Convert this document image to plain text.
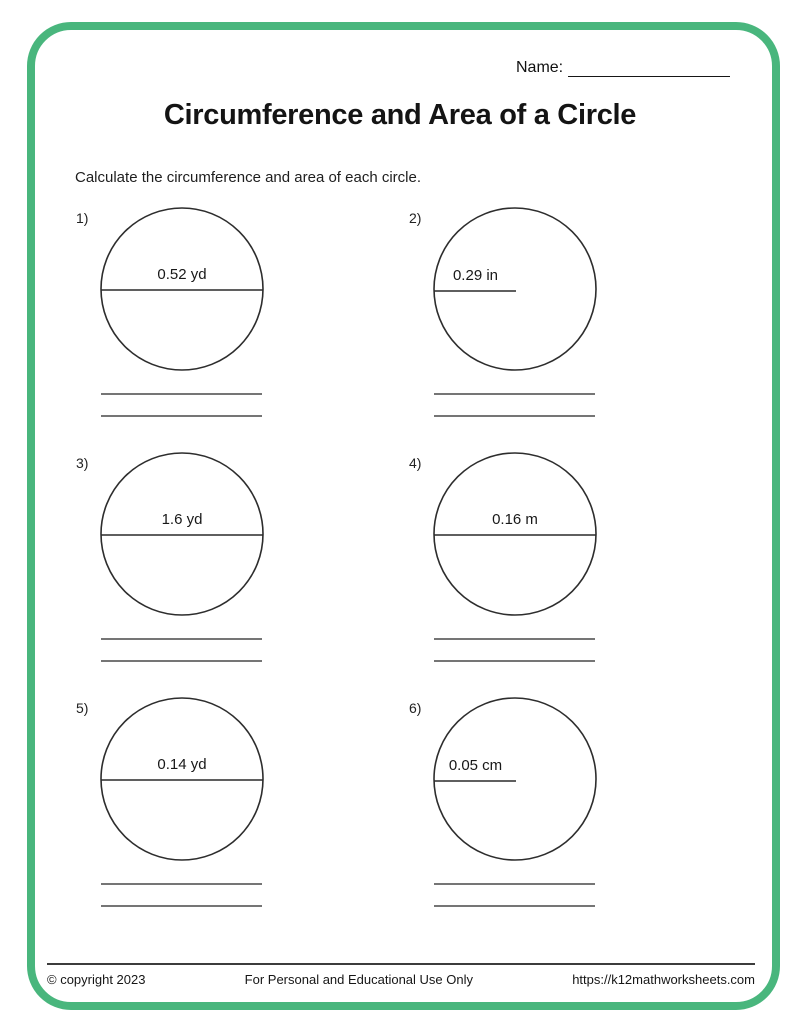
Name:
Circumference and Area of a Circle
Calculate the circumference and area of each circle.
1)
0.52 yd
2)
0.29 in
3)
1.6 yd
4)
0.16 m
5)
0.14 yd
6)
0.05 cm
© copyright 2023	For Personal and Educational Use Only	https://k12mathworksheets.com
